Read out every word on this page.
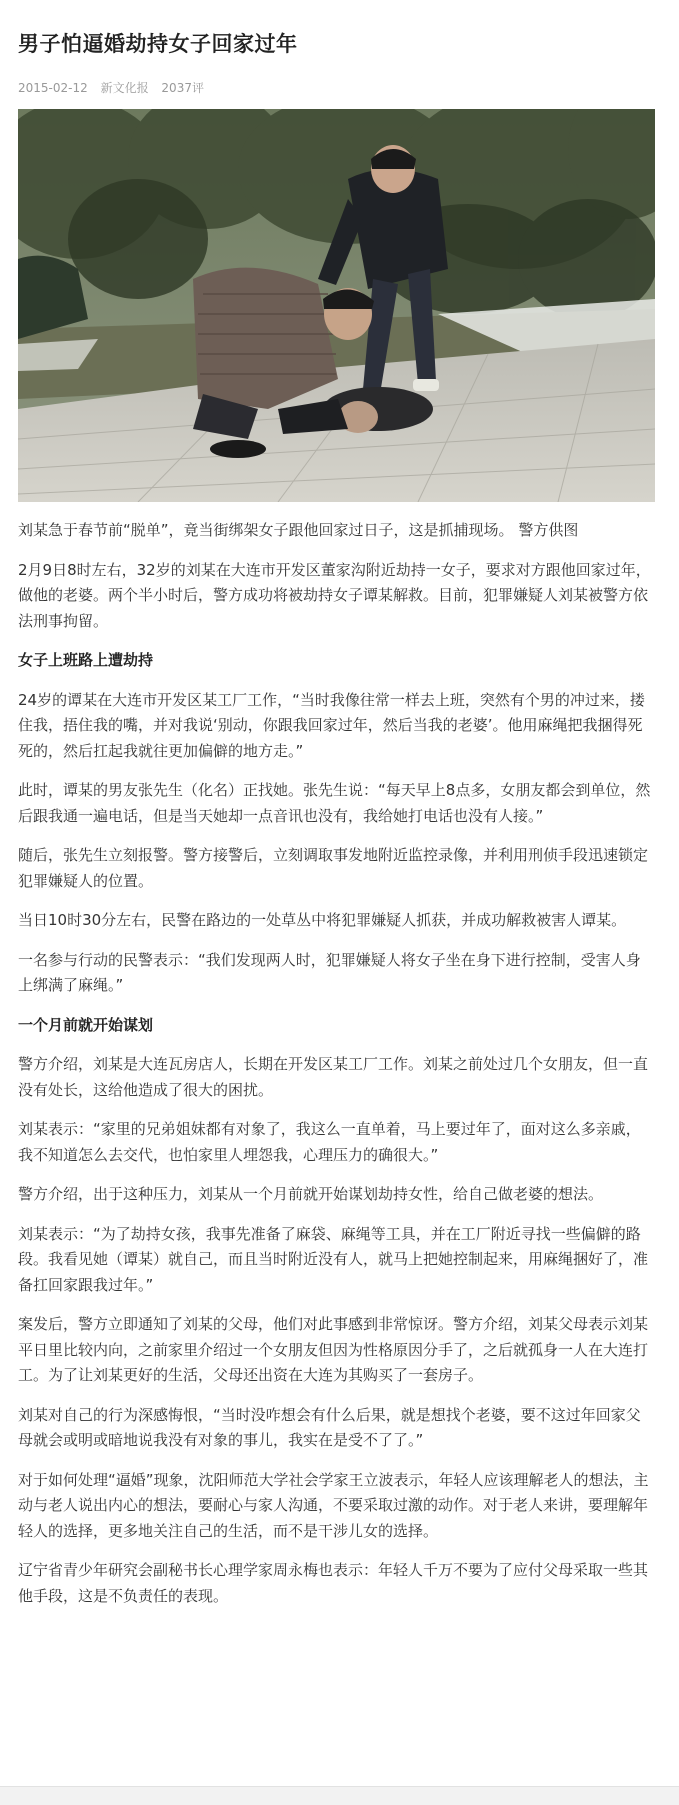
男子怕逼婚劫持女子回家过年
2015-02-12 新文化报 2037评

刘某急于春节前“脱单”，竟当街绑架女子跟他回家过日子，这是抓捕现场。 警方供图

2月9日8时左右，32岁的刘某在大连市开发区董家沟附近劫持一女子，要求对方跟他回家过年，做他的老婆。两个半小时后，警方成功将被劫持女子谭某解救。目前，犯罪嫌疑人刘某被警方依法刑事拘留。

女子上班路上遭劫持

24岁的谭某在大连市开发区某工厂工作，“当时我像往常一样去上班，突然有个男的冲过来，搂住我，捂住我的嘴，并对我说‘别动，你跟我回家过年，然后当我的老婆’。他用麻绳把我捆得死死的，然后扛起我就往更加偏僻的地方走。”

此时，谭某的男友张先生（化名）正找她。张先生说：“每天早上8点多，女朋友都会到单位，然后跟我通一遍电话，但是当天她却一点音讯也没有，我给她打电话也没有人接。”

随后，张先生立刻报警。警方接警后，立刻调取事发地附近监控录像，并利用刑侦手段迅速锁定犯罪嫌疑人的位置。

当日10时30分左右，民警在路边的一处草丛中将犯罪嫌疑人抓获，并成功解救被害人谭某。

一名参与行动的民警表示：“我们发现两人时，犯罪嫌疑人将女子坐在身下进行控制，受害人身上绑满了麻绳。”

一个月前就开始谋划

警方介绍，刘某是大连瓦房店人，长期在开发区某工厂工作。刘某之前处过几个女朋友，但一直没有处长，这给他造成了很大的困扰。

刘某表示：“家里的兄弟姐妹都有对象了，我这么一直单着，马上要过年了，面对这么多亲戚，我不知道怎么去交代，也怕家里人埋怨我，心理压力的确很大。”

警方介绍，出于这种压力，刘某从一个月前就开始谋划劫持女性，给自己做老婆的想法。

刘某表示：“为了劫持女孩，我事先准备了麻袋、麻绳等工具，并在工厂附近寻找一些偏僻的路段。我看见她（谭某）就自己，而且当时附近没有人，就马上把她控制起来，用麻绳捆好了，准备扛回家跟我过年。”

案发后，警方立即通知了刘某的父母，他们对此事感到非常惊讶。警方介绍，刘某父母表示刘某平日里比较内向，之前家里介绍过一个女朋友但因为性格原因分手了，之后就孤身一人在大连打工。为了让刘某更好的生活，父母还出资在大连为其购买了一套房子。

刘某对自己的行为深感悔恨，“当时没咋想会有什么后果，就是想找个老婆，要不这过年回家父母就会或明或暗地说我没有对象的事儿，我实在是受不了了。”

对于如何处理“逼婚”现象，沈阳师范大学社会学家王立波表示，年轻人应该理解老人的想法，主动与老人说出内心的想法，要耐心与家人沟通，不要采取过激的动作。对于老人来讲，要理解年轻人的选择，更多地关注自己的生活，而不是干涉儿女的选择。

辽宁省青少年研究会副秘书长心理学家周永梅也表示：年轻人千万不要为了应付父母采取一些其他手段，这是不负责任的表现。
